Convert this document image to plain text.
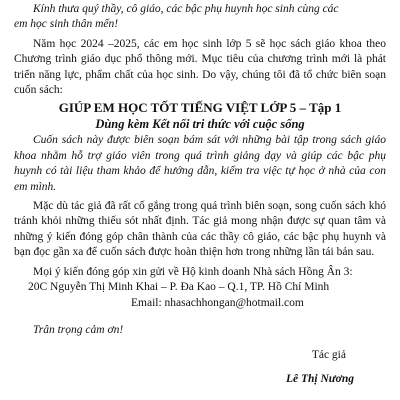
Kính thưa quý thầy, cô giáo, các bậc phụ huynh học sinh cùng các

em học sinh thân mến!

Năm học 2024 –2025, các em học sinh lớp 5 sẽ học sách giáo khoa theo Chương trình giáo dục phổ thông mới. Mục tiêu của chương trình mới là phát triển năng lực, phẩm chất của học sinh. Do vậy, chúng tôi đã tổ chức biên soạn cuốn sách:

GIÚP EM HỌC TỐT TIẾNG VIỆT LỚP 5 – Tập 1
Dùng kèm Kết nối tri thức với cuộc sống

Cuốn sách này được biên soạn bám sát với những bài tập trong sách giáo khoa nhằm hỗ trợ giáo viên trong quá trình giảng dạy và giúp các bậc phụ huynh có tài liệu tham khảo để hướng dẫn, kiểm tra việc tự học ở nhà của con em mình.

Mặc dù tác giả đã rất cố gắng trong quá trình biên soạn, song cuốn sách khó tránh khỏi những thiếu sót nhất định. Tác giả mong nhận được sự quan tâm và những ý kiến đóng góp chân thành của các thầy cô giáo, các bậc phụ huynh và bạn đọc gần xa để cuốn sách được hoàn thiện hơn trong những lần tái bản sau.

Mọi ý kiến đóng góp xin gửi về Hộ kinh doanh Nhà sách Hồng Ân 3:

20C Nguyễn Thị Minh Khai – P. Đa Kao – Q.1, TP. Hồ Chí Minh

Email: nhasachhongan@hotmail.com

Trân trọng cảm ơn!

Tác giả

Lê Thị Nương
